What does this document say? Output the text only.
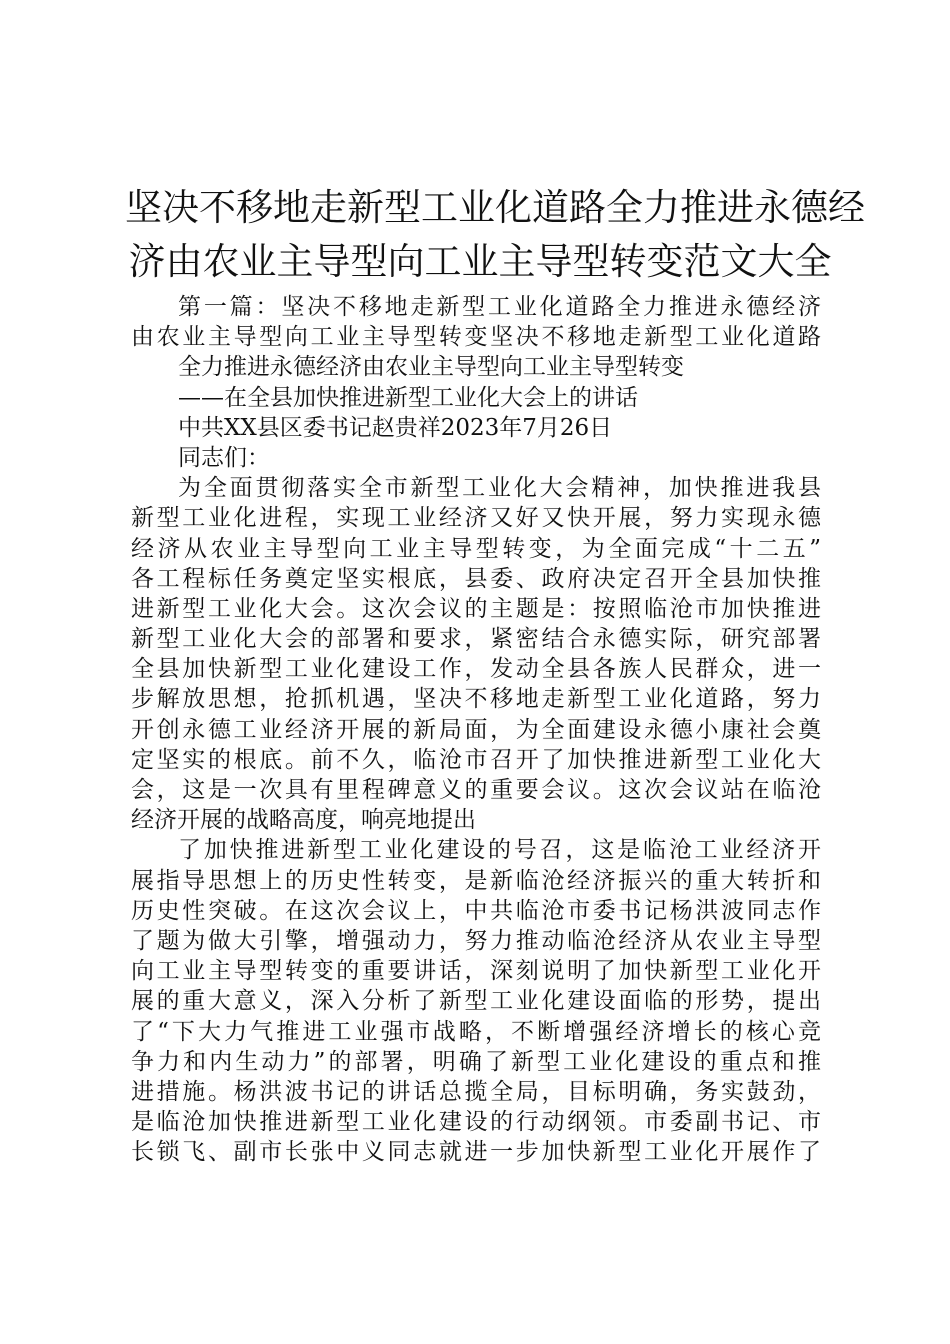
坚决不移地走新型工业化道路全力推进永德经
济由农业主导型向工业主导型转变范文大全
第一篇：坚决不移地走新型工业化道路全力推进永德经济
由农业主导型向工业主导型转变坚决不移地走新型工业化道路
全力推进永德经济由农业主导型向工业主导型转变
——在全县加快推进新型工业化大会上的讲话
中共XX县区委书记赵贵祥2023年7月26日
同志们：
为全面贯彻落实全市新型工业化大会精神，加快推进我县
新型工业化进程，实现工业经济又好又快开展，努力实现永德
经济从农业主导型向工业主导型转变，为全面完成“十二五”
各工程标任务奠定坚实根底，县委、政府决定召开全县加快推
进新型工业化大会。这次会议的主题是：按照临沧市加快推进
新型工业化大会的部署和要求，紧密结合永德实际，研究部署
全县加快新型工业化建设工作，发动全县各族人民群众，进一
步解放思想，抢抓机遇，坚决不移地走新型工业化道路，努力
开创永德工业经济开展的新局面，为全面建设永德小康社会奠
定坚实的根底。前不久，临沧市召开了加快推进新型工业化大
会，这是一次具有里程碑意义的重要会议。这次会议站在临沧
经济开展的战略高度，响亮地提出
了加快推进新型工业化建设的号召，这是临沧工业经济开
展指导思想上的历史性转变，是新临沧经济振兴的重大转折和
历史性突破。在这次会议上，中共临沧市委书记杨洪波同志作
了题为做大引擎，增强动力，努力推动临沧经济从农业主导型
向工业主导型转变的重要讲话，深刻说明了加快新型工业化开
展的重大意义，深入分析了新型工业化建设面临的形势，提出
了“下大力气推进工业强市战略，不断增强经济增长的核心竞
争力和内生动力”的部署，明确了新型工业化建设的重点和推
进措施。杨洪波书记的讲话总揽全局，目标明确，务实鼓劲，
是临沧加快推进新型工业化建设的行动纲领。市委副书记、市
长锁飞、副市长张中义同志就进一步加快新型工业化开展作了
